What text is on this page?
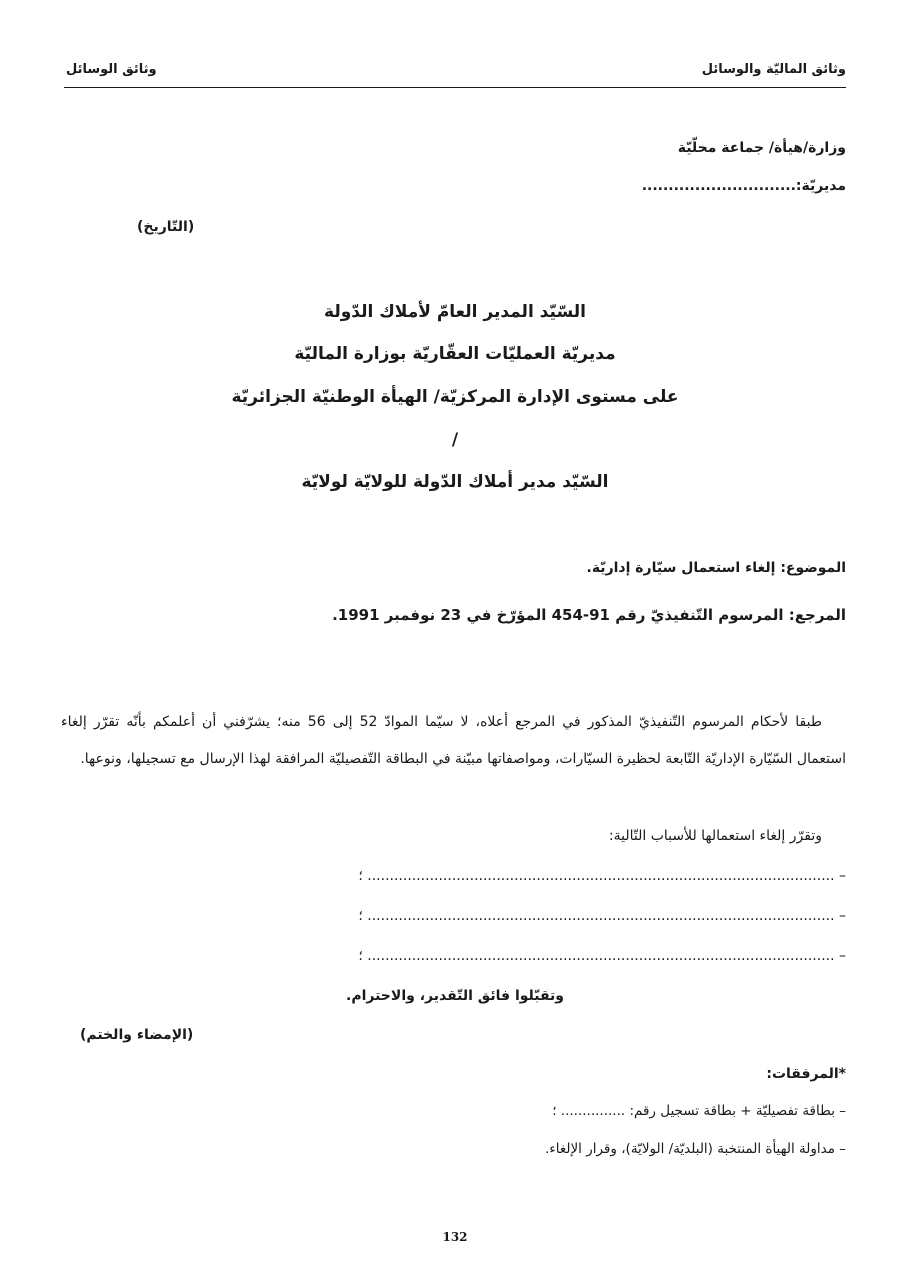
وثائق الماليّة والوسائل
وثائق الوسائل
وزارة/هيأة/ جماعة محلّيّة
مديريّة:.............................
(التّاريخ)
السّيّد المدير العامّ لأملاك الدّولة
مديريّة العمليّات العقّاريّة بوزارة الماليّة
على مستوى الإدارة المركزيّة/ الهيأة الوطنيّة الجزائريّة
/
السّيّد مدير أملاك الدّولة للولايّة لولايّة
الموضوع: إلغاء استعمال سيّارة إداريّة.
المرجع: المرسوم التّنفيذيّ رقم 91-454 المؤرّخ في 23 نوفمبر 1991.

طبقا لأحكام المرسوم التّنفيذيّ المذكور في المرجع أعلاه، لا سيّما الموادّ 52 إلى 56 منه؛ يشرّفني أن أعلمكم بأنّه تقرّر إلغاء استعمال السّيّارة الإداريّة التّابعة لحظيرة السيّارات، ومواصفاتها مبيّنة في البطاقة التّفصيليّة المرافقة لهذا الإرسال مع تسجيلها، ونوعها.

وتقرّر إلغاء استعمالها للأسباب التّالية:
– ......................................................................................................... ؛
– ......................................................................................................... ؛
– ......................................................................................................... ؛
وتقبّلوا فائق التّقدير، والاحترام.
(الإمضاء والختم)
*المرفقات:
– بطاقة تفصيليّة + بطاقة تسجيل رقم: ............... ؛
– مداولة الهيأة المنتخبة (البلديّة/ الولايّة)، وقرار الإلغاء.
132
